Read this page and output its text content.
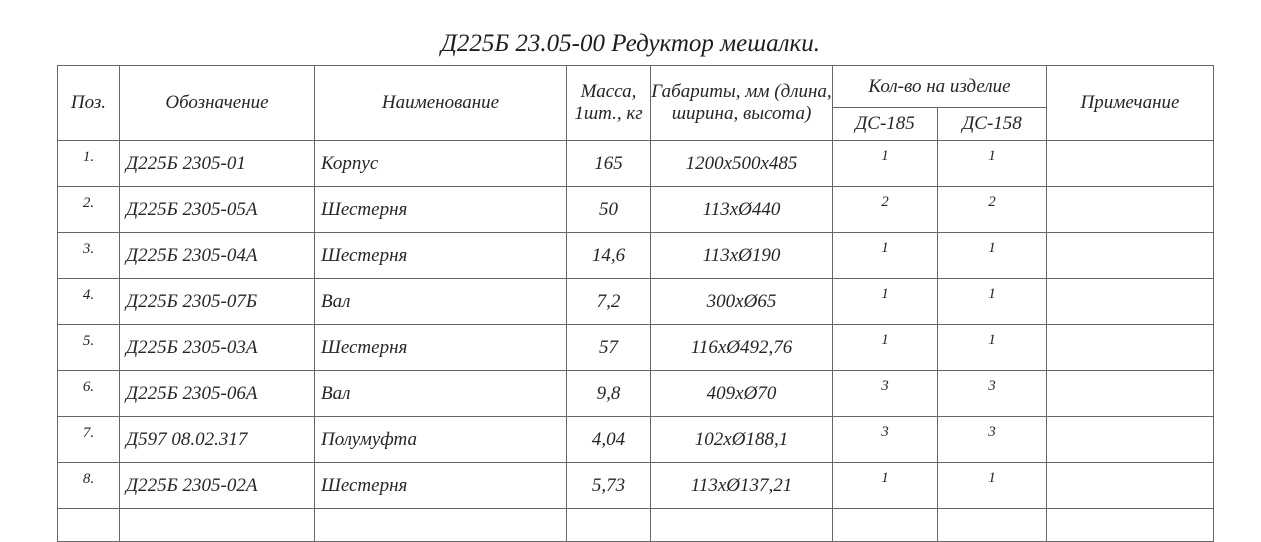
Д225Б 23.05-00 Редуктор мешалки.
Поз.	Обозначение	Наименование	Масса, 1шт., кг	Габариты, мм (длина, ширина, высота)	Кол-во на изделие		Примечание
					ДС-185	ДС-158	
1.	Д225Б 2305-01	Корпус	165	1200х500х485	1	1	
2.	Д225Б 2305-05А	Шестерня	50	113хØ440	2	2	
3.	Д225Б 2305-04А	Шестерня	14,6	113хØ190	1	1	
4.	Д225Б 2305-07Б	Вал	7,2	300хØ65	1	1	
5.	Д225Б 2305-03А	Шестерня	57	116хØ492,76	1	1	
6.	Д225Б 2305-06А	Вал	9,8	409хØ70	3	3	
7.	Д597 08.02.317	Полумуфта	4,04	102хØ188,1	3	3	
8.	Д225Б 2305-02А	Шестерня	5,73	113хØ137,21	1	1	
